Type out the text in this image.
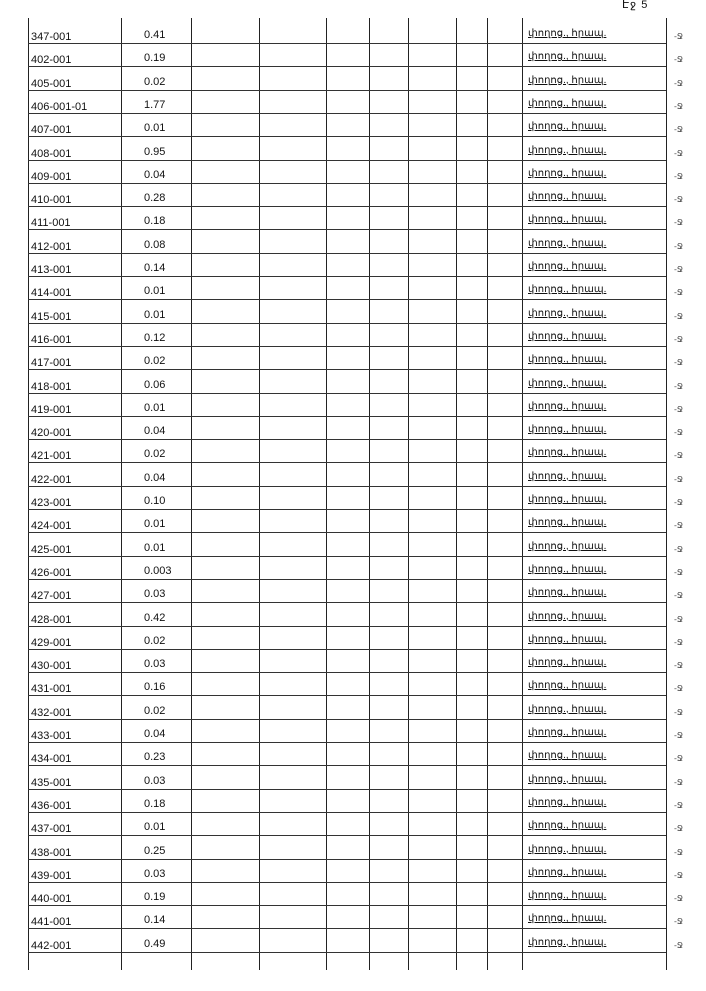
Էջ 5
347-001	0.41	փողոց., հրապ.	-Ջ
402-001	0.19	փողոց., հրապ.	-Ջ
405-001	0.02	փողոց., հրապ.	-Ջ
406-001-01	1.77	փողոց., հրապ.	-Ջ
407-001	0.01	փողոց., հրապ.	-Ջ
408-001	0.95	փողոց., հրապ.	-Ջ
409-001	0.04	փողոց., հրապ.	-Ջ
410-001	0.28	փողոց., հրապ.	-Ջ
411-001	0.18	փողոց., հրապ.	-Ջ
412-001	0.08	փողոց., հրապ.	-Ջ
413-001	0.14	փողոց., հրապ.	-Ջ
414-001	0.01	փողոց., հրապ.	-Ջ
415-001	0.01	փողոց., հրապ.	-Ջ
416-001	0.12	փողոց., հրապ.	-Ջ
417-001	0.02	փողոց., հրապ.	-Ջ
418-001	0.06	փողոց., հրապ.	-Ջ
419-001	0.01	փողոց., հրապ.	-Ջ
420-001	0.04	փողոց., հրապ.	-Ջ
421-001	0.02	փողոց., հրապ.	-Ջ
422-001	0.04	փողոց., հրապ.	-Ջ
423-001	0.10	փողոց., հրապ.	-Ջ
424-001	0.01	փողոց., հրապ.	-Ջ
425-001	0.01	փողոց., հրապ.	-Ջ
426-001	0.003	փողոց., հրապ.	-Ջ
427-001	0.03	փողոց., հրապ.	-Ջ
428-001	0.42	փողոց., հրապ.	-Ջ
429-001	0.02	փողոց., հրապ.	-Ջ
430-001	0.03	փողոց., հրապ.	-Ջ
431-001	0.16	փողոց., հրապ.	-Ջ
432-001	0.02	փողոց., հրապ.	-Ջ
433-001	0.04	փողոց., հրապ.	-Ջ
434-001	0.23	փողոց., հրապ.	-Ջ
435-001	0.03	փողոց., հրապ.	-Ջ
436-001	0.18	փողոց., հրապ.	-Ջ
437-001	0.01	փողոց., հրապ.	-Ջ
438-001	0.25	փողոց., հրապ.	-Ջ
439-001	0.03	փողոց., հրապ.	-Ջ
440-001	0.19	փողոց., հրապ.	-Ջ
441-001	0.14	փողոց., հրապ.	-Ջ
442-001	0.49	փողոց., հրապ.	-Ջ
